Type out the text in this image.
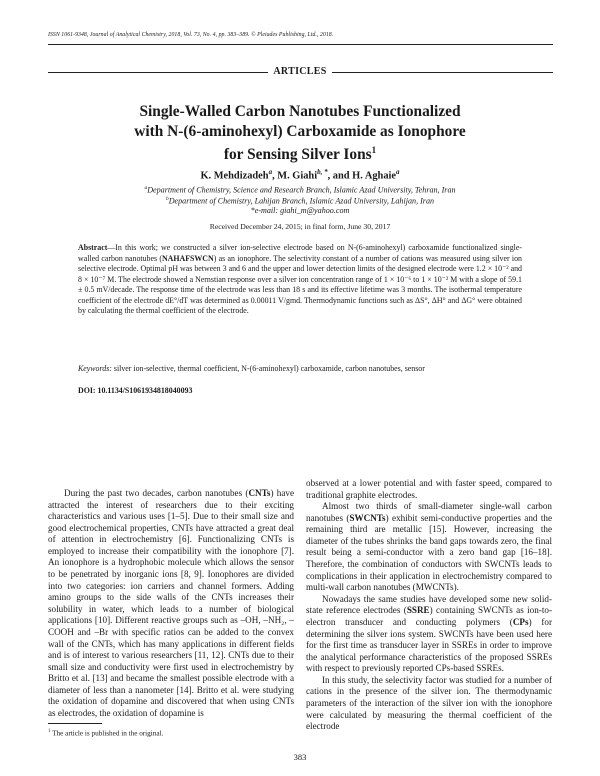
ISSN 1061-9348, Journal of Analytical Chemistry, 2018, Vol. 73, No. 4, pp. 383–389. © Pleiades Publishing, Ltd., 2018.
ARTICLES
Single-Walled Carbon Nanotubes Functionalized
with N-(6-aminohexyl) Carboxamide as Ionophore
for Sensing Silver Ions$^1$
K. Mehdizadeh$^a$, M. Giahi$^{b, *}$, and H. Aghaie$^a$
$^a$Department of Chemistry, Science and Research Branch, Islamic Azad University, Tehran, Iran
$^b$Department of Chemistry, Lahijan Branch, Islamic Azad University, Lahijan, Iran
*e-mail: giahi_m@yahoo.com
Received December 24, 2015; in final form, June 30, 2017
Abstract—In this work; we constructed a silver ion-selective electrode based on N-(6-aminohexyl) carboxamide functionalized single-walled carbon nanotubes (NAHAFSWCN) as an ionophore. The selectivity constant of a number of cations was measured using silver ion selective electrode. Optimal pH was between 3 and 6 and the upper and lower detection limits of the designed electrode were 1.2 × 10⁻² and 8 × 10⁻⁷ M. The electrode showed a Nernstian response over a silver ion concentration range of 1 × 10⁻⁶ to 1 × 10⁻² M with a slope of 59.1 ± 0.5 mV/decade. The response time of the electrode was less than 18 s and its effective lifetime was 3 months. The isothermal temperature coefficient of the electrode dE°/dT was determined as 0.00011 V/gmd. Thermodynamic functions such as ΔS°, ΔH° and ΔG° were obtained by calculating the thermal coefficient of the electrode.
Keywords: silver ion-selective, thermal coefficient, N-(6-aminohexyl) carboxamide, carbon nanotubes, sensor
DOI: 10.1134/S1061934818040093

During the past two decades, carbon nanotubes (CNTs) have attracted the interest of researchers due to their exciting characteristics and various uses [1–5]. Due to their small size and good electrochemical properties, CNTs have attracted a great deal of attention in electrochemistry [6]. Functionalizing CNTs is employed to increase their compatibility with the ionophore [7]. An ionophore is a hydrophobic molecule which allows the sensor to be penetrated by inorganic ions [8, 9]. Ionophores are divided into two categories: ion carriers and channel formers. Adding amino groups to the side walls of the CNTs increases their solubility in water, which leads to a number of biological applications [10]. Different reactive groups such as –OH, –NH₂, –COOH and –Br with specific ratios can be added to the convex wall of the CNTs, which has many applications in different fields and is of interest to various researchers [11, 12]. CNTs due to their small size and conductivity were first used in electrochemistry by Britto et al. [13] and became the smallest possible electrode with a diameter of less than a nanometer [14]. Britto et al. were studying the oxidation of dopamine and discovered that when using CNTs as electrodes, the oxidation of dopamine is

observed at a lower potential and with faster speed, compared to traditional graphite electrodes.

Almost two thirds of small-diameter single-wall carbon nanotubes (SWCNTs) exhibit semi-conductive properties and the remaining third are metallic [15]. However, increasing the diameter of the tubes shrinks the band gaps towards zero, the final result being a semi-conductor with a zero band gap [16–18]. Therefore, the combination of conductors with SWCNTs leads to complications in their application in electrochemistry compared to multi-wall carbon nanotubes (MWCNTs).

Nowadays the same studies have developed some new solid-state reference electrodes (SSRE) containing SWCNTs as ion-to-electron transducer and conducting polymers (CPs) for determining the silver ions system. SWCNTs have been used here for the first time as transducer layer in SSREs in order to improve the analytical performance characteristics of the proposed SSREs with respect to previously reported CPs-based SSREs.

In this study, the selectivity factor was studied for a number of cations in the presence of the silver ion. The thermodynamic parameters of the interaction of the silver ion with the ionophore were calculated by measuring the thermal coefficient of the electrode

$^1$ The article is published in the original.
383
